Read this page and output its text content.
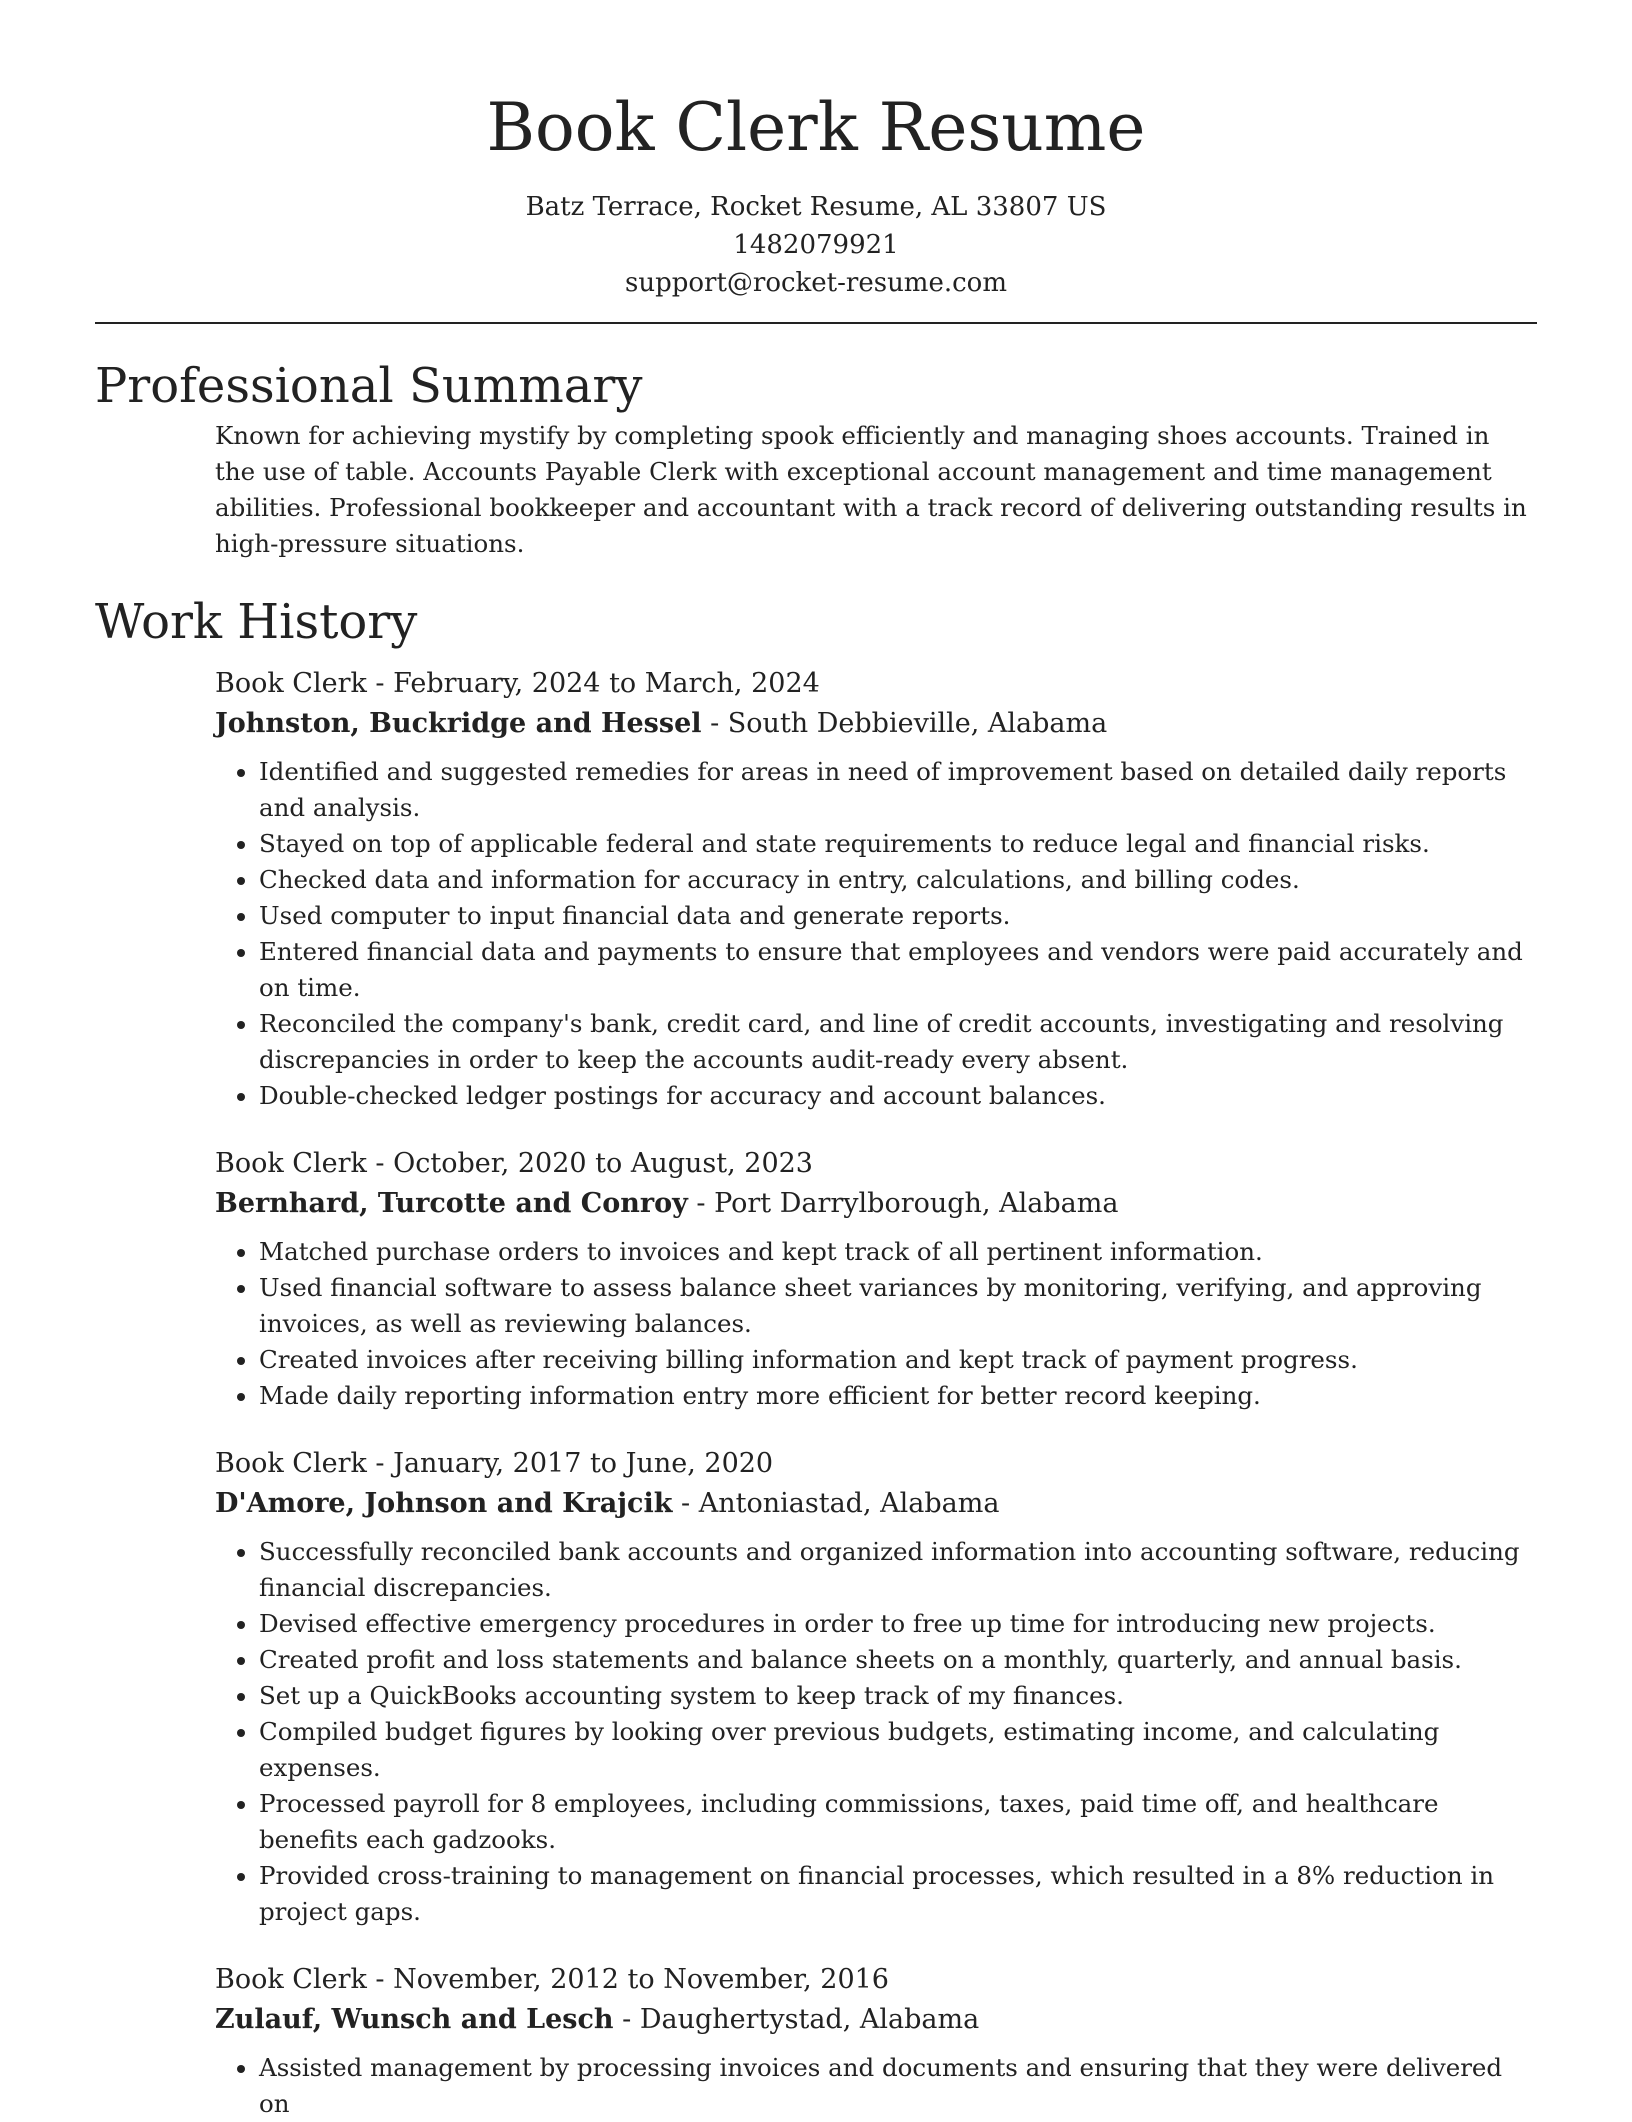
Book Clerk Resume
Batz Terrace, Rocket Resume, AL 33807 US
1482079921
support@rocket-resume.com
Professional Summary

Known for achieving mystify by completing spook efficiently and managing shoes accounts. Trained in the use of table. Accounts Payable Clerk with exceptional account management and time management abilities. Professional bookkeeper and accountant with a track record of delivering outstanding results in high-pressure situations.

Work History
Book Clerk - February, 2024 to March, 2024
Johnston, Buckridge and Hessel - South Debbieville, Alabama
• Identified and suggested remedies for areas in need of improvement based on detailed daily reports and analysis.
• Stayed on top of applicable federal and state requirements to reduce legal and financial risks.
• Checked data and information for accuracy in entry, calculations, and billing codes.
• Used computer to input financial data and generate reports.
• Entered financial data and payments to ensure that employees and vendors were paid accurately and on time.
• Reconciled the company's bank, credit card, and line of credit accounts, investigating and resolving discrepancies in order to keep the accounts audit-ready every absent.
• Double-checked ledger postings for accuracy and account balances.
Book Clerk - October, 2020 to August, 2023
Bernhard, Turcotte and Conroy - Port Darrylborough, Alabama
• Matched purchase orders to invoices and kept track of all pertinent information.
• Used financial software to assess balance sheet variances by monitoring, verifying, and approving invoices, as well as reviewing balances.
• Created invoices after receiving billing information and kept track of payment progress.
• Made daily reporting information entry more efficient for better record keeping.
Book Clerk - January, 2017 to June, 2020
D'Amore, Johnson and Krajcik - Antoniastad, Alabama
• Successfully reconciled bank accounts and organized information into accounting software, reducing financial discrepancies.
• Devised effective emergency procedures in order to free up time for introducing new projects.
• Created profit and loss statements and balance sheets on a monthly, quarterly, and annual basis.
• Set up a QuickBooks accounting system to keep track of my finances.
• Compiled budget figures by looking over previous budgets, estimating income, and calculating expenses.
• Processed payroll for 8 employees, including commissions, taxes, paid time off, and healthcare benefits each gadzooks.
• Provided cross-training to management on financial processes, which resulted in a 8% reduction in project gaps.
Book Clerk - November, 2012 to November, 2016
Zulauf, Wunsch and Lesch - Daughertystad, Alabama
• Assisted management by processing invoices and documents and ensuring that they were delivered on
